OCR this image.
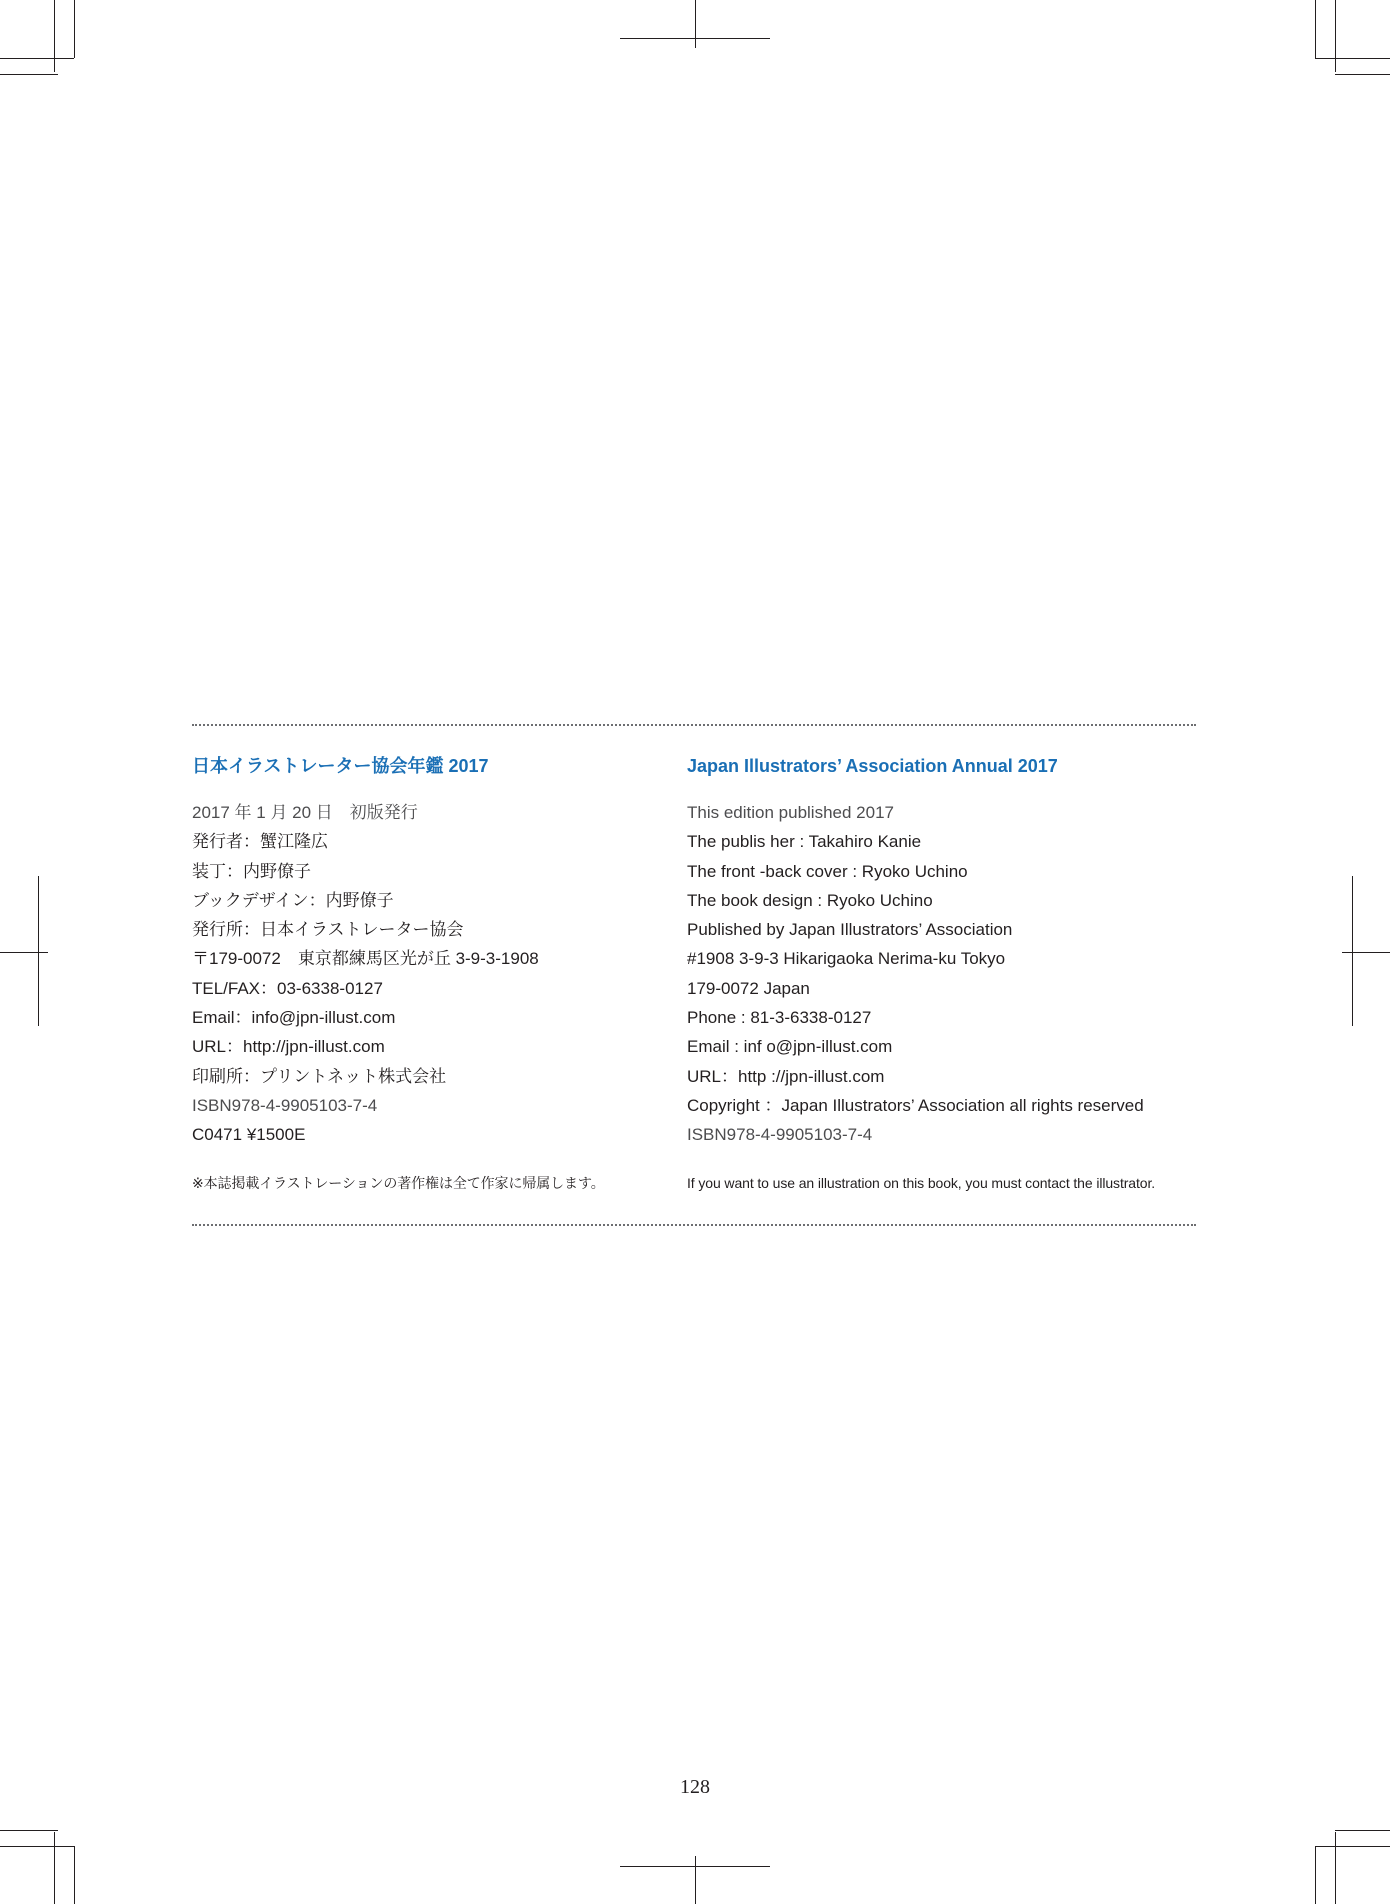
日本イラストレーター協会年鑑 2017
2017 年 1 月 20 日　初版発行
発行者：蟹江隆広
装丁：内野僚子
ブックデザイン：内野僚子
発行所：日本イラストレーター協会
〒179-0072　東京都練馬区光が丘 3-9-3-1908
TEL/FAX：03-6338-0127
Email：info@jpn-illust.com
URL：http://jpn-illust.com
印刷所：プリントネット株式会社
ISBN978-4-9905103-7-4
C0471 ¥1500E
Japan Illustrators’ Association Annual 2017
This edition published 2017
The publis her : Takahiro Kanie
The front -back cover : Ryoko Uchino
The book design : Ryoko Uchino
Published by Japan Illustrators’ Association
#1908 3-9-3 Hikarigaoka Nerima-ku Tokyo
179-0072 Japan
Phone : 81-3-6338-0127
Email : inf o@jpn-illust.com
URL：http ://jpn-illust.com
Copyright ：Japan Illustrators’ Association all rights reserved
ISBN978-4-9905103-7-4
※本誌掲載イラストレーションの著作権は全て作家に帰属します。	If you want to use an illustration on this book, you must contact the illustrator.
128
